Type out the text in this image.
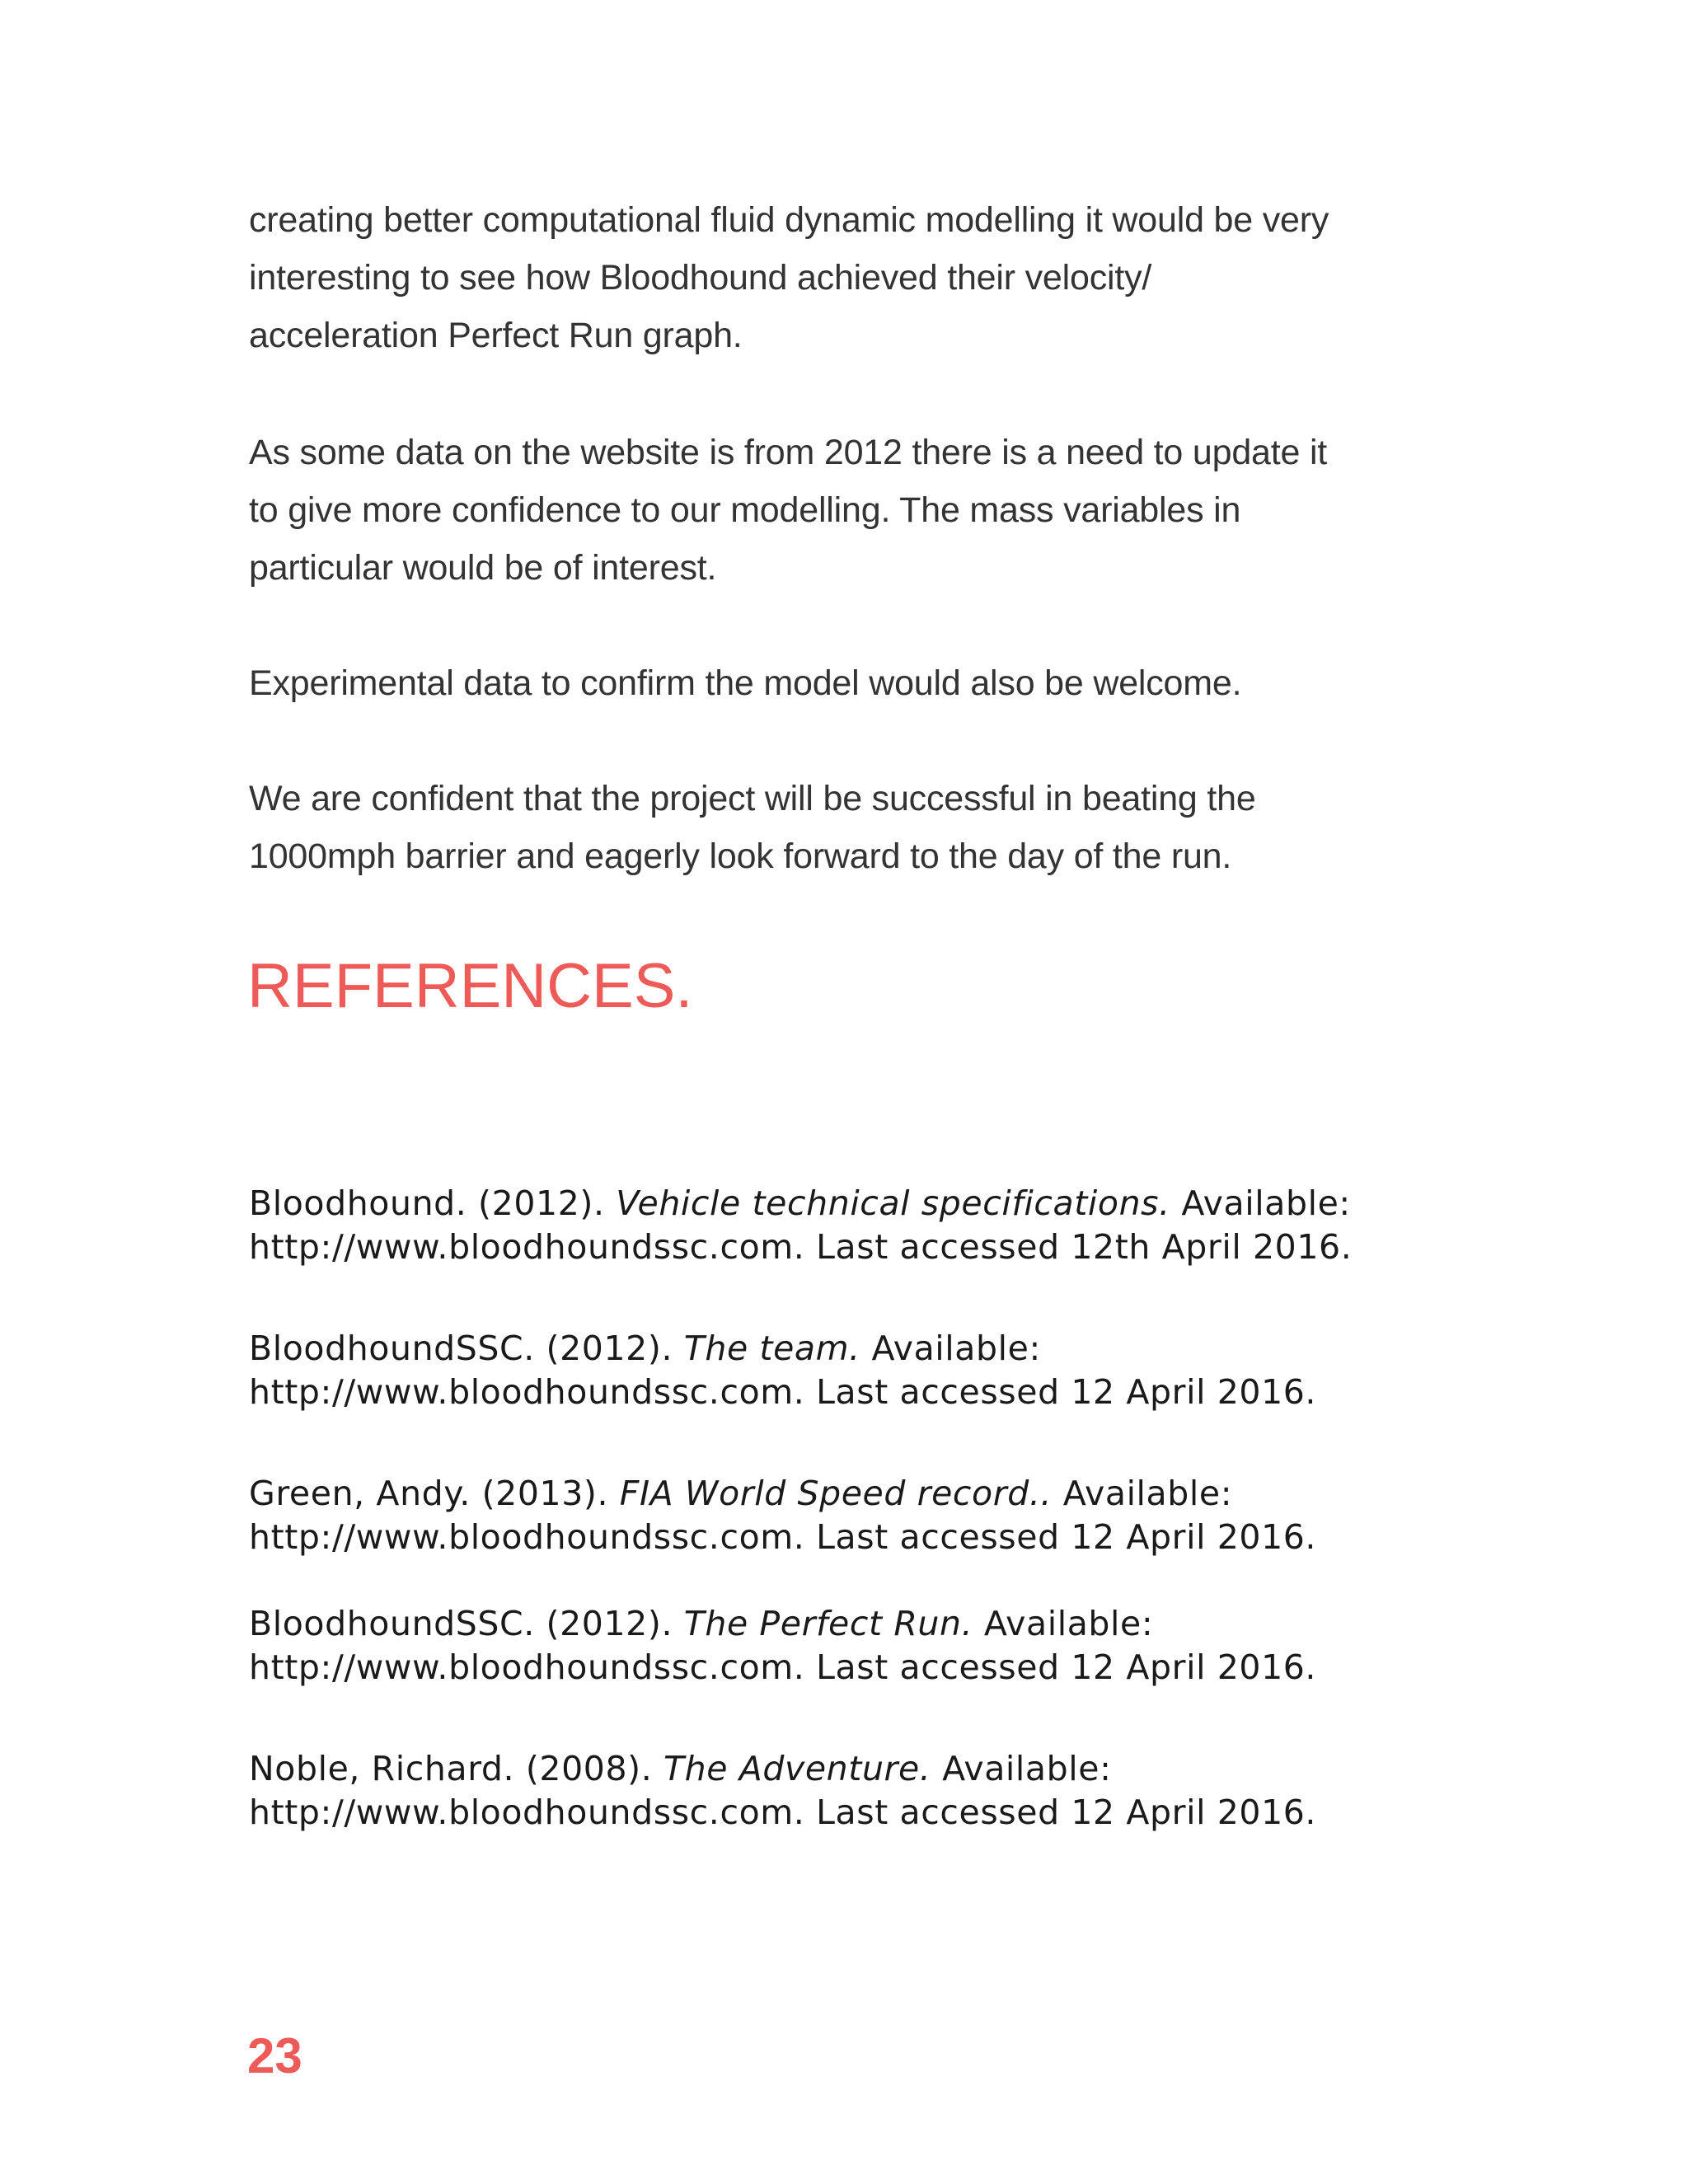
creating better computational fluid dynamic modelling it would be very
interesting to see how Bloodhound achieved their velocity/
acceleration Perfect Run graph.

As some data on the website is from 2012 there is a need to update it
to give more confidence to our modelling. The mass variables in
particular would be of interest.

Experimental data to confirm the model would also be welcome.

We are confident that the project will be successful in beating the
1000mph barrier and eagerly look forward to the day of the run.

REFERENCES.
Bloodhound. (2012). Vehicle technical specifications. Available:
http://www.bloodhoundssc.com. Last accessed 12th April 2016.
BloodhoundSSC. (2012). The team. Available:
http://www.bloodhoundssc.com. Last accessed 12 April 2016.
Green, Andy. (2013). FIA World Speed record.. Available:
http://www.bloodhoundssc.com. Last accessed 12 April 2016.
BloodhoundSSC. (2012). The Perfect Run. Available:
http://www.bloodhoundssc.com. Last accessed 12 April 2016.
Noble, Richard. (2008). The Adventure. Available:
http://www.bloodhoundssc.com. Last accessed 12 April 2016.

23
